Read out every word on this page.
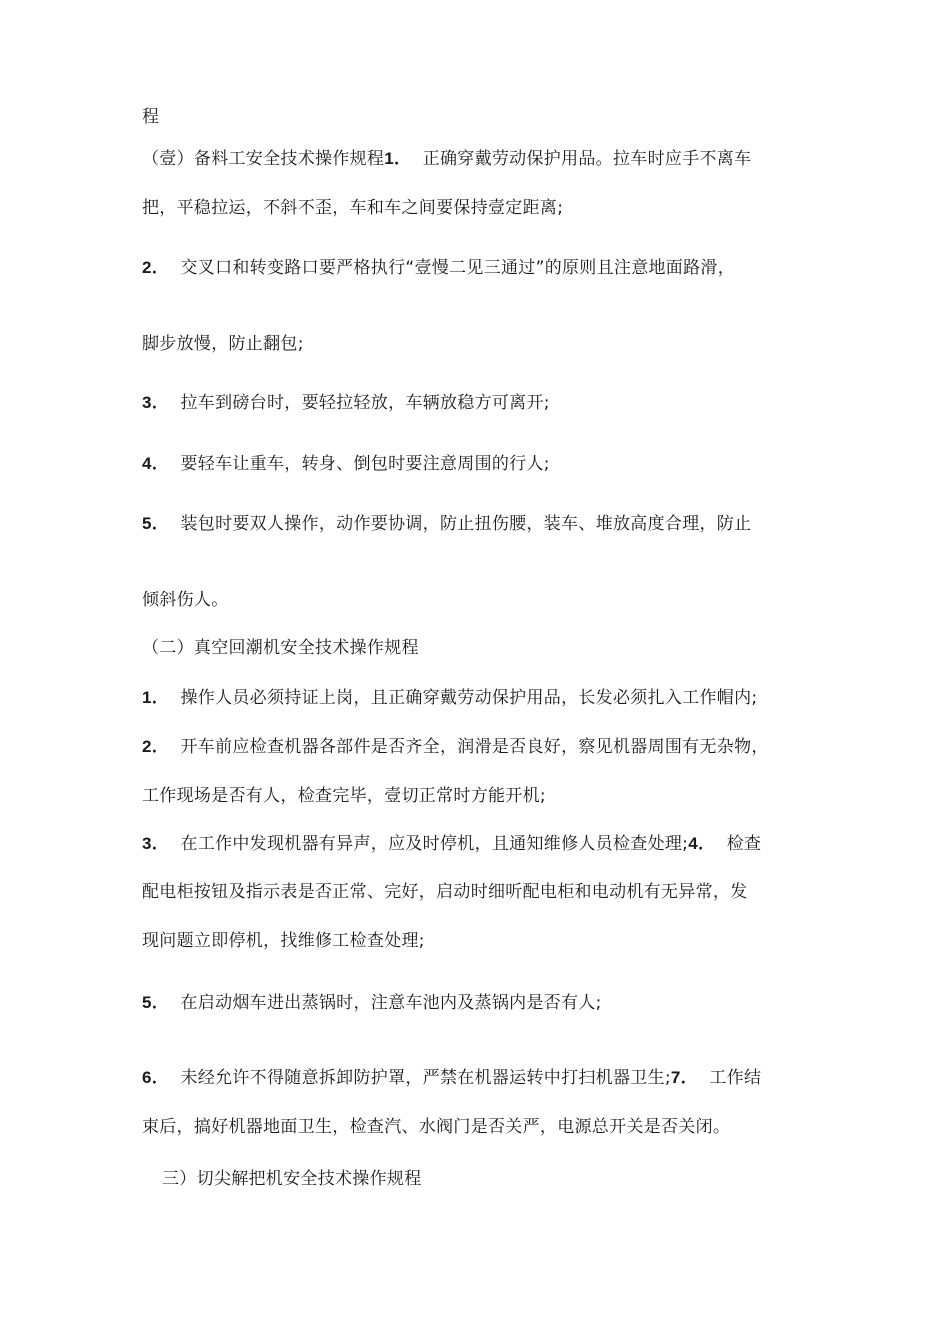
程
（壹）备料工安全技术操作规程1． 正确穿戴劳动保护用品。拉车时应手不离车
把，平稳拉运，不斜不歪，车和车之间要保持壹定距离;
2． 交叉口和转变路口要严格执行“壹慢二见三通过”的原则且注意地面路滑，
脚步放慢，防止翻包;
3． 拉车到磅台时，要轻拉轻放，车辆放稳方可离开;
4． 要轻车让重车，转身、倒包时要注意周围的行人;
5． 装包时要双人操作，动作要协调，防止扭伤腰，装车、堆放高度合理，防止
倾斜伤人。
（二）真空回潮机安全技术操作规程
1． 操作人员必须持证上岗，且正确穿戴劳动保护用品，长发必须扎入工作帽内;
2． 开车前应检查机器各部件是否齐全，润滑是否良好，察见机器周围有无杂物，
工作现场是否有人，检查完毕，壹切正常时方能开机;
3． 在工作中发现机器有异声，应及时停机，且通知维修人员检查处理;4． 检查
配电柜按钮及指示表是否正常、完好，启动时细听配电柜和电动机有无异常，发
现问题立即停机，找维修工检查处理;
5． 在启动烟车进出蒸锅时，注意车池内及蒸锅内是否有人;
6． 未经允许不得随意拆卸防护罩，严禁在机器运转中打扫机器卫生;7． 工作结
束后，搞好机器地面卫生，检查汽、水阀门是否关严，电源总开关是否关闭。
三）切尖解把机安全技术操作规程
